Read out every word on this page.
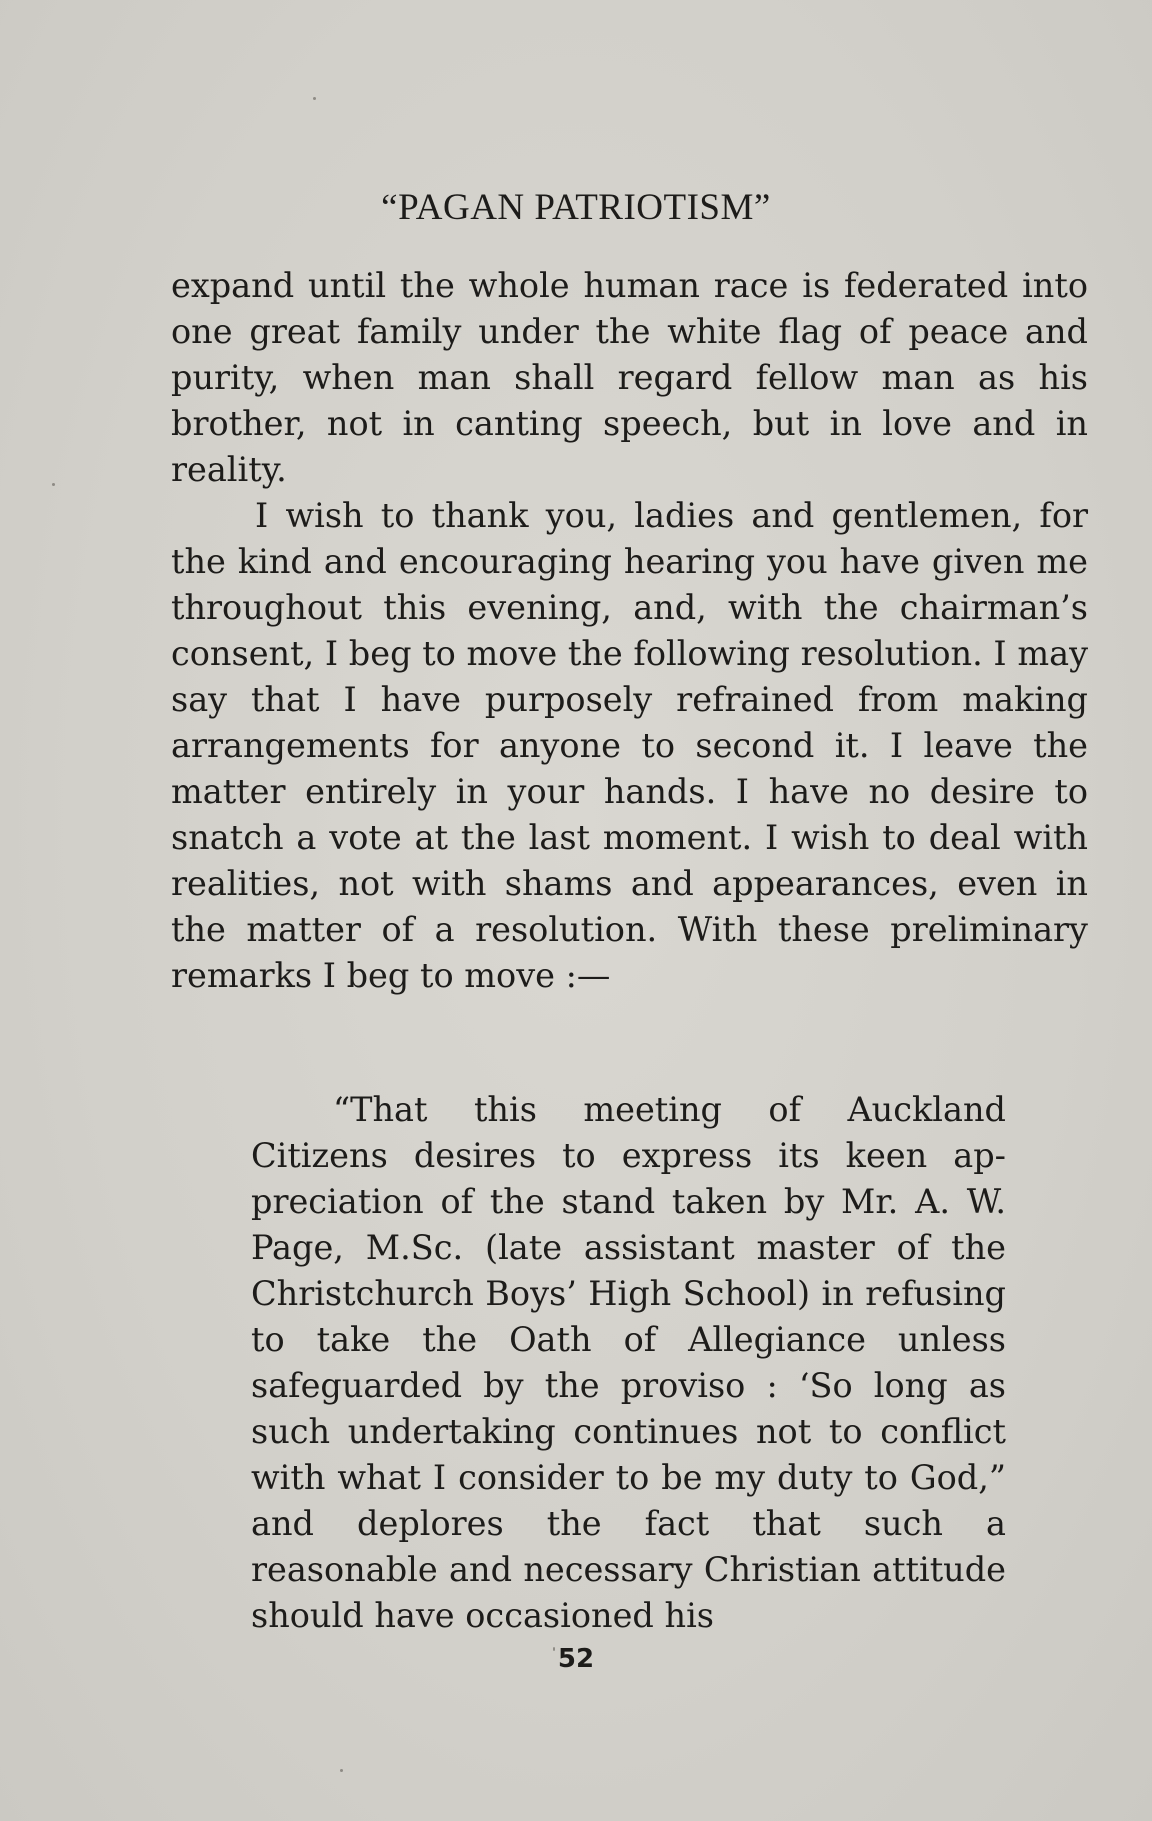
“PAGAN PATRIOTISM”

expand until the whole human race is federated into one great family under the white flag of peace and purity, when man shall regard fellow man as his brother, not in canting speech, but in love and in reality.

I wish to thank you, ladies and gentlemen, for the kind and encouraging hearing you have given me throughout this evening, and, with the chairman’s consent, I beg to move the following resolution. I may say that I have purposely refrained from making arrangements for anyone to second it. I leave the matter entirely in your hands. I have no desire to snatch a vote at the last moment. I wish to deal with realities, not with shams and appearances, even in the matter of a resolution. With these preliminary remarks I beg to move :—

“That this meeting of Auckland Citizens desires to express its keen appreciation of the stand taken by Mr. A. W. Page, M.Sc. (late assistant master of the Christchurch Boys’ High School) in refusing to take the Oath of Allegiance unless safeguarded by the proviso : ‘So long as such undertaking continues not to conflict with what I consider to be my duty to God,” and deplores the fact that such a reasonable and necessary Christian attitude should have occasioned his

52
